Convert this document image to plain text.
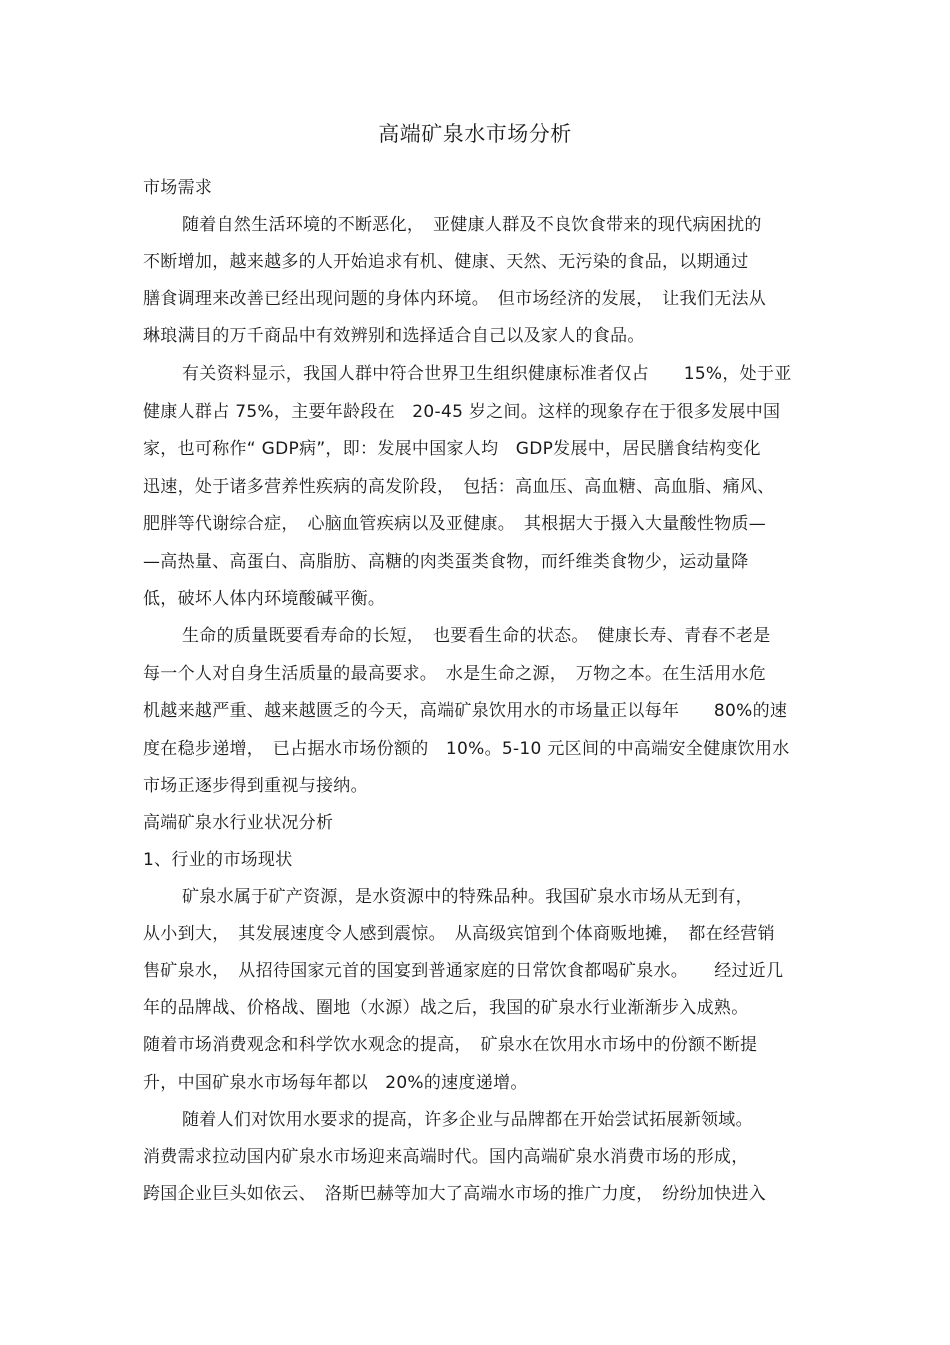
高端矿泉水市场分析
市场需求
随着自然生活环境的不断恶化，　亚健康人群及不良饮食带来的现代病困扰的
不断增加，越来越多的人开始追求有机、健康、天然、无污染的食品，以期通过
膳食调理来改善已经出现问题的身体内环境。　但市场经济的发展，　让我们无法从
琳琅满目的万千商品中有效辨别和选择适合自己以及家人的食品。
有关资料显示，我国人群中符合世界卫生组织健康标准者仅占　　15%，处于亚
健康人群占 75%，主要年龄段在　20-45 岁之间。这样的现象存在于很多发展中国
家，也可称作“ GDP病”，即：发展中国家人均　GDP发展中，居民膳食结构变化
迅速，处于诸多营养性疾病的高发阶段，　包括：高血压、高血糖、高血脂、痛风、
肥胖等代谢综合症，　心脑血管疾病以及亚健康。　其根据大于摄入大量酸性物质—
—高热量、高蛋白、高脂肪、高糖的肉类蛋类食物，而纤维类食物少，运动量降
低，破坏人体内环境酸碱平衡。
生命的质量既要看寿命的长短，　也要看生命的状态。　健康长寿、青春不老是
每一个人对自身生活质量的最高要求。　水是生命之源，　万物之本。在生活用水危
机越来越严重、越来越匮乏的今天，高端矿泉饮用水的市场量正以每年　　80%的速
度在稳步递增，　已占据水市场份额的　10%。5-10 元区间的中高端安全健康饮用水
市场正逐步得到重视与接纳。
高端矿泉水行业状况分析
1、行业的市场现状
矿泉水属于矿产资源，是水资源中的特殊品种。我国矿泉水市场从无到有，
从小到大，　其发展速度令人感到震惊。　从高级宾馆到个体商贩地摊，　都在经营销
售矿泉水，　从招待国家元首的国宴到普通家庭的日常饮食都喝矿泉水。　　经过近几
年的品牌战、价格战、圈地（水源）战之后，我国的矿泉水行业渐渐步入成熟。
随着市场消费观念和科学饮水观念的提高，　矿泉水在饮用水市场中的份额不断提
升，中国矿泉水市场每年都以　20%的速度递增。
随着人们对饮用水要求的提高，许多企业与品牌都在开始尝试拓展新领域。
消费需求拉动国内矿泉水市场迎来高端时代。国内高端矿泉水消费市场的形成，
跨国企业巨头如依云、　洛斯巴赫等加大了高端水市场的推广力度，　纷纷加快进入
